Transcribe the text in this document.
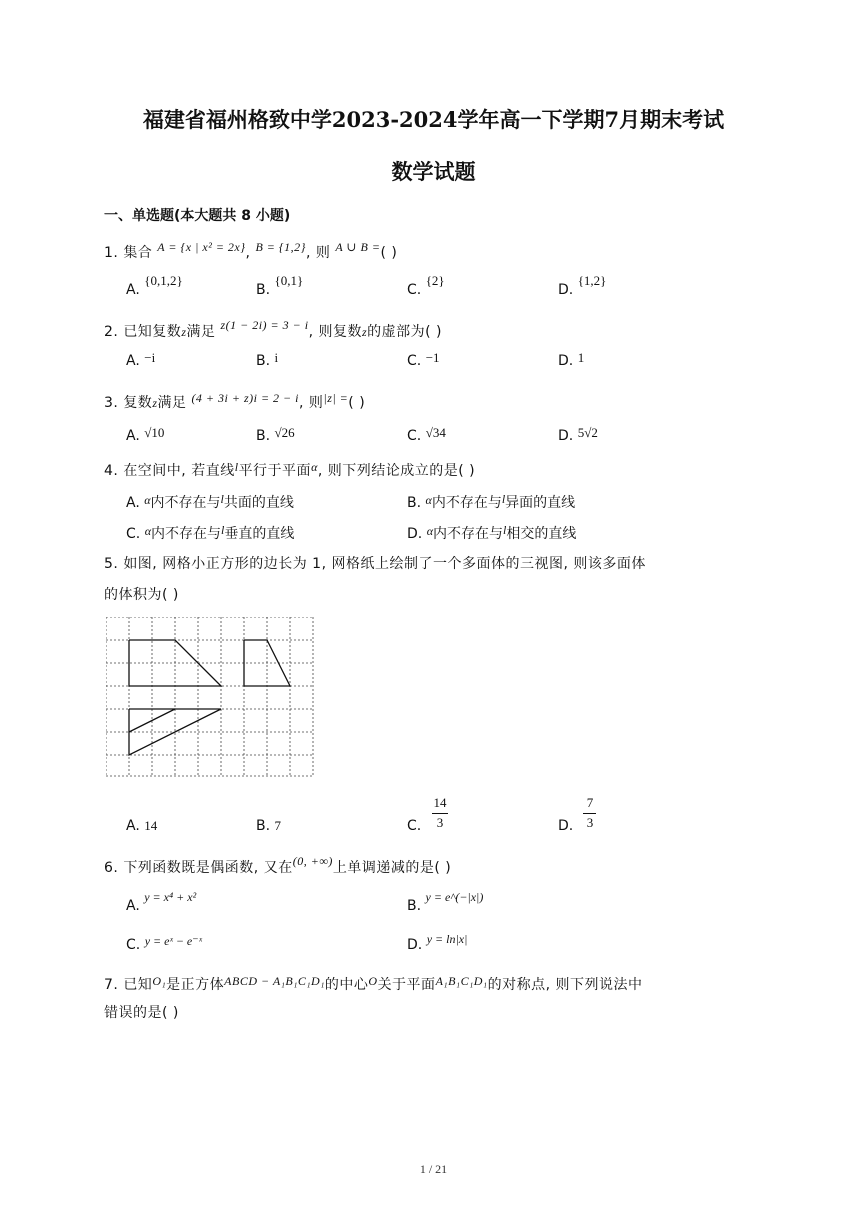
福建省福州格致中学2023-2024学年高一下学期7月期末考试
数学试题
一、单选题(本大题共 8 小题)
1. 集合 A = {x | x² = 2x}, B = {1,2}, 则 A ∪ B =( )
A. {0,1,2}
B. {0,1}
C. {2}
D. {1,2}
2. 已知复数z满足 z(1 − 2i) = 3 − i, 则复数z的虚部为( )
A. −i	B. i	C. −1	D. 1
3. 复数z满足 (4 + 3i + z)i = 2 − i, 则|z| =( )
A. √10	B. √26	C. √34	D. 5√2
4. 在空间中, 若直线l平行于平面α, 则下列结论成立的是( )
A. α内不存在与l共面的直线	B. α内不存在与l异面的直线
C. α内不存在与l垂直的直线	D. α内不存在与l相交的直线
5. 如图, 网格小正方形的边长为 1, 网格纸上绘制了一个多面体的三视图, 则该多面体
的体积为( )
A. 14	B. 7	C.
14
3	D.
7
3
6. 下列函数既是偶函数, 又在(0, +∞)上单调递减的是( )
A. y = x⁴ + x²
B. y = e^(−|x|)
C. y = eˣ − e⁻ˣ	D. y = ln|x|
7. 已知O₁是正方体ABCD − A₁B₁C₁D₁的中心O关于平面A₁B₁C₁D₁的对称点, 则下列说法中
错误的是( )
1 / 21
